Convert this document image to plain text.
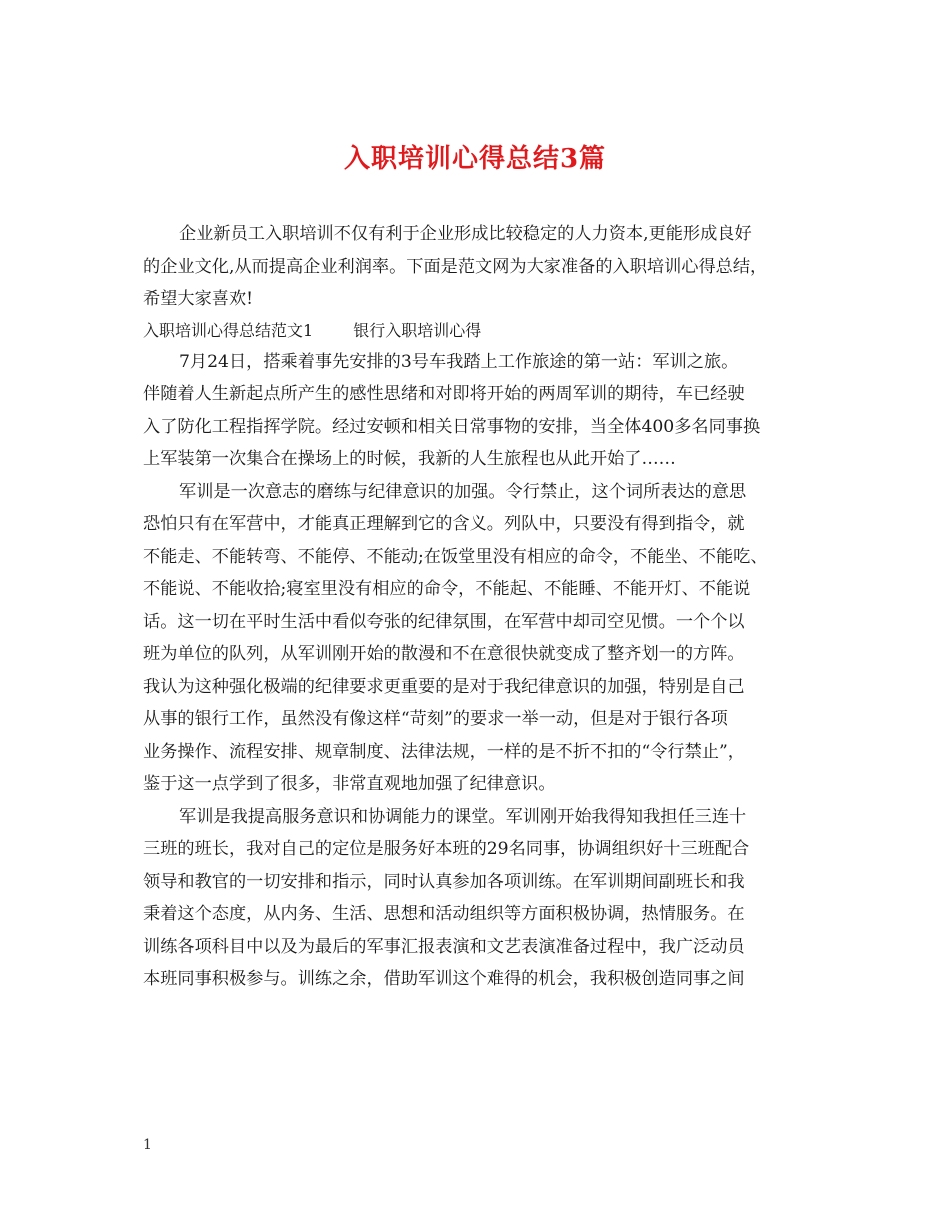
入职培训心得总结3篇
企业新员工入职培训不仅有利于企业形成比较稳定的人力资本,更能形成良好
的企业文化,从而提高企业利润率。下面是范文网为大家准备的入职培训心得总结，
希望大家喜欢!
入职培训心得总结范文1	银行入职培训心得
7月24日，搭乘着事先安排的3号车我踏上工作旅途的第一站：军训之旅。
伴随着人生新起点所产生的感性思绪和对即将开始的两周军训的期待，车已经驶
入了防化工程指挥学院。经过安顿和相关日常事物的安排，当全体400多名同事换
上军装第一次集合在操场上的时候，我新的人生旅程也从此开始了……
军训是一次意志的磨练与纪律意识的加强。令行禁止，这个词所表达的意思
恐怕只有在军营中，才能真正理解到它的含义。列队中，只要没有得到指令，就
不能走、不能转弯、不能停、不能动;在饭堂里没有相应的命令，不能坐、不能吃、
不能说、不能收拾;寝室里没有相应的命令，不能起、不能睡、不能开灯、不能说
话。这一切在平时生活中看似夸张的纪律氛围，在军营中却司空见惯。一个个以
班为单位的队列，从军训刚开始的散漫和不在意很快就变成了整齐划一的方阵。
我认为这种强化极端的纪律要求更重要的是对于我纪律意识的加强，特别是自己
从事的银行工作，虽然没有像这样“苛刻”的要求一举一动，但是对于银行各项
业务操作、流程安排、规章制度、法律法规，一样的是不折不扣的“令行禁止”，
鉴于这一点学到了很多，非常直观地加强了纪律意识。
军训是我提高服务意识和协调能力的课堂。军训刚开始我得知我担任三连十
三班的班长，我对自己的定位是服务好本班的29名同事，协调组织好十三班配合
领导和教官的一切安排和指示，同时认真参加各项训练。在军训期间副班长和我
秉着这个态度，从内务、生活、思想和活动组织等方面积极协调，热情服务。在
训练各项科目中以及为最后的军事汇报表演和文艺表演准备过程中，我广泛动员
本班同事积极参与。训练之余，借助军训这个难得的机会，我积极创造同事之间
1
